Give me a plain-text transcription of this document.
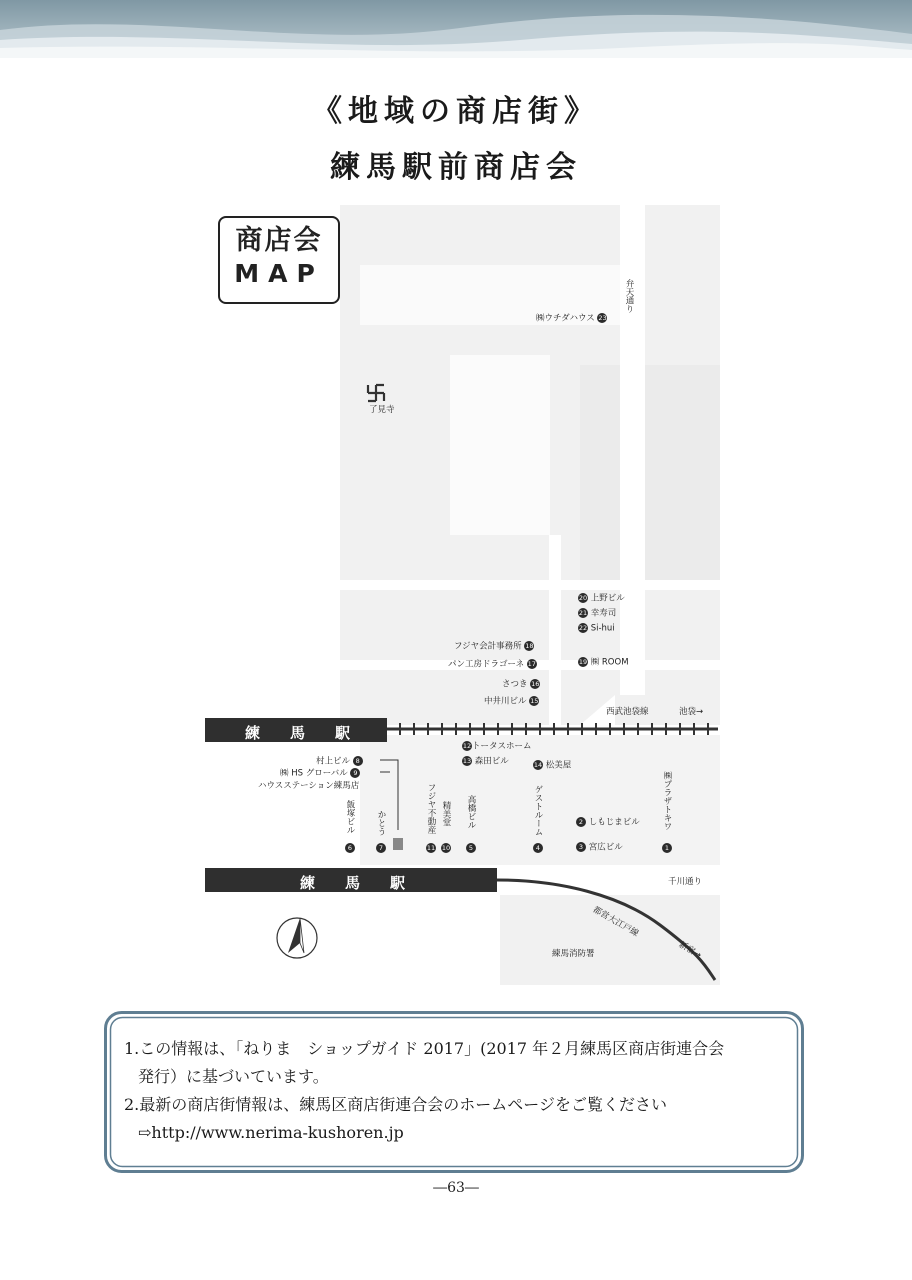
《地域の商店街》
練馬駅前商店会
商店会
MAP
練馬駅
練馬駅
了見寺
弁天通り
西武池袋線	池袋→
千川通り
都営大江戸線
新宿→
練馬消防署
㈱ウチダハウス 23
20 上野ビル
21 幸寿司
22 Si-hui
フジヤ会計事務所 18
19 ㈱ ROOM
パン工房ドラゴーネ 17
さつき 16
中井川ビル 15
12トータスホーム
13 森田ビル	14 松美屋
村上ビル 8
㈱ HS グローバル 9
ハウスステーション練馬店
飯塚ビル
6
かとう
7
フジヤ不動産
11
精美堂
10
高橋ビル
5
ゲストルーム
4
2 しもじまビル
3 宮広ビル
㈱プラザトキワ
1
1.この情報は、「ねりま　ショップガイド 2017」(2017 年２月練馬区商店街連合会
発行）に基づいています。
2.最新の商店街情報は、練馬区商店街連合会のホームページをご覧ください
⇨http://www.nerima-kushoren.jp
―63―
